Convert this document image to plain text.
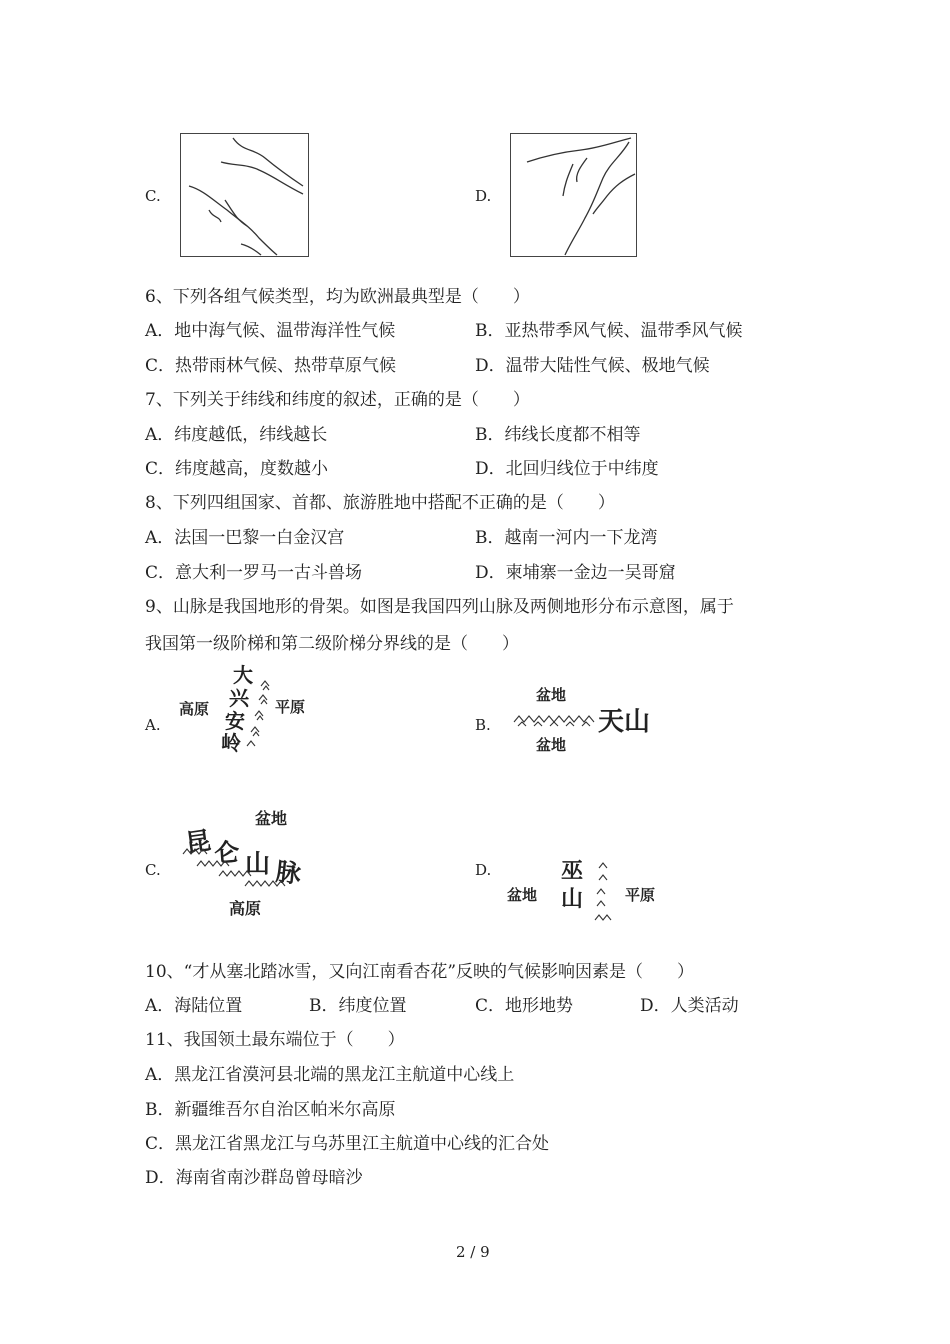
C.	D.
6、下列各组气候类型，均为欧洲最典型是（　　）
A．地中海气候、温带海洋性气候	B．亚热带季风气候、温带季风气候
C．热带雨林气候、热带草原气候	D．温带大陆性气候、极地气候
7、下列关于纬线和纬度的叙述，正确的是（　　）
A．纬度越低，纬线越长	B．纬线长度都不相等
C．纬度越高，度数越小	D．北回归线位于中纬度
8、下列四组国家、首都、旅游胜地中搭配不正确的是（　　）
A．法国一巴黎一白金汉宫	B．越南一河内一下龙湾
C．意大利一罗马一古斗兽场	D．柬埔寨一金边一吴哥窟
9、山脉是我国地形的骨架。如图是我国四列山脉及两侧地形分布示意图，属于
我国第一级阶梯和第二级阶梯分界线的是（　　）
A.
高原	平原
大
兴
安
岭
B.
盆地
盆地
天山
C.
盆地
昆 仑 山 脉
高原
D.
盆地
巫
山	平原
10、“才从塞北踏冰雪，又向江南看杏花”反映的气候影响因素是（　　）
A．海陆位置	B．纬度位置	C．地形地势	D．人类活动
11、我国领土最东端位于（　　）
A．黑龙江省漠河县北端的黑龙江主航道中心线上
B．新疆维吾尔自治区帕米尔高原
C．黑龙江省黑龙江与乌苏里江主航道中心线的汇合处
D．海南省南沙群岛曾母暗沙
2 / 9
